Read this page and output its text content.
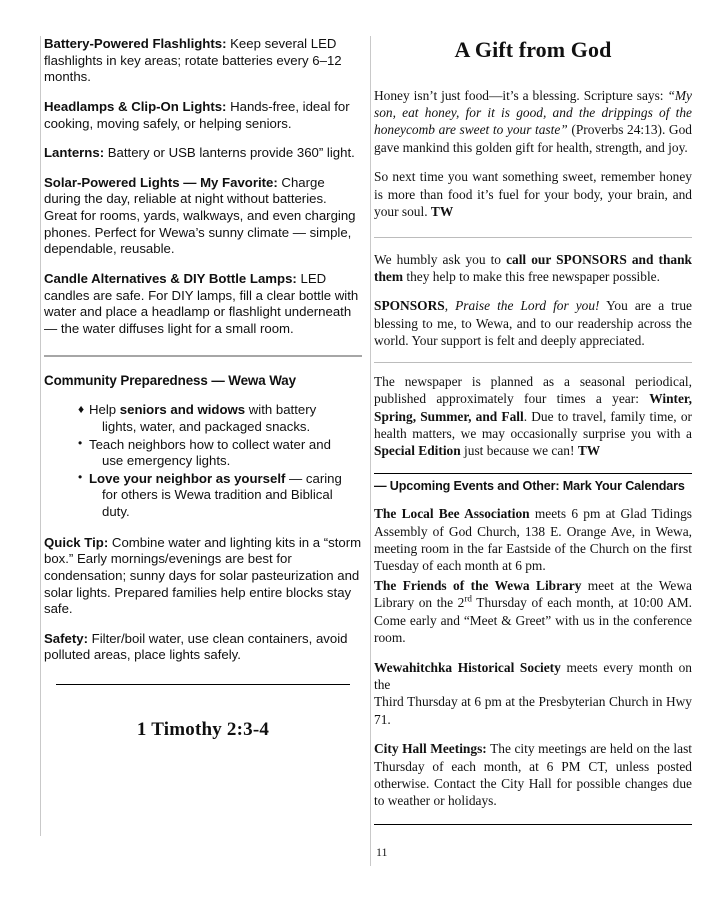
Battery-Powered Flashlights: Keep several LED flashlights in key areas; rotate batteries every 6–12 months.

Headlamps & Clip-On Lights: Hands-free, ideal for cooking, moving safely, or helping seniors.

Lanterns: Battery or USB lanterns provide 360” light.

Solar-Powered Lights — My Favorite: Charge during the day, reliable at night without batteries. Great for rooms, yards, walkways, and even charging phones. Perfect for Wewa’s sunny climate — simple, dependable, reusable.

Candle Alternatives & DIY Bottle Lamps: LED candles are safe. For DIY lamps, fill a clear bottle with water and place a headlamp or flashlight underneath — the water diffuses light for a small room.

Community Preparedness — Wewa Way
♦ Help seniors and widows with battery
lights, water, and packaged snacks.
• Teach neighbors how to collect water and
use emergency lights.
• Love your neighbor as yourself — caring
for others is Wewa tradition and Biblical duty.

Quick Tip: Combine water and lighting kits in a “storm box.” Early mornings/evenings are best for condensation; sunny days for solar pasteurization and solar lights. Prepared families help entire blocks stay safe.

Safety: Filter/boil water, use clean containers, avoid polluted areas, place lights safely.

1 Timothy 2:3-4
A Gift from God

Honey isn’t just food—it’s a blessing. Scripture says: “My son, eat honey, for it is good, and the drippings of the honeycomb are sweet to your taste” (Proverbs 24:13). God gave mankind this golden gift for health, strength, and joy.

So next time you want something sweet, remember honey is more than food it’s fuel for your body, your brain, and your soul. TW

We humbly ask you to call our SPONSORS and thank them they help to make this free newspaper possible.

SPONSORS, Praise the Lord for you! You are a true blessing to me, to Wewa, and to our readership across the world. Your support is felt and deeply appreciated.

The newspaper is planned as a seasonal periodical, published approximately four times a year: Winter, Spring, Summer, and Fall. Due to travel, family time, or health matters, we may occasionally surprise you with a Special Edition just because we can! TW

— Upcoming Events and Other: Mark Your Calendars

The Local Bee Association meets 6 pm at Glad Tidings Assembly of God Church, 138 E. Orange Ave, in Wewa, meeting room in the far Eastside of the Church on the first Tuesday of each month at 6 pm.

The Friends of the Wewa Library meet at the Wewa Library on the 2rd Thursday of each month, at 10:00 AM. Come early and “Meet & Greet” with us in the conference room.

Wewahitchka Historical Society meets every month on the
Third Thursday at 6 pm at the Presbyterian Church in Hwy 71.

City Hall Meetings: The city meetings are held on the last Thursday of each month, at 6 PM CT, unless posted otherwise. Contact the City Hall for possible changes due to weather or holidays.

11
